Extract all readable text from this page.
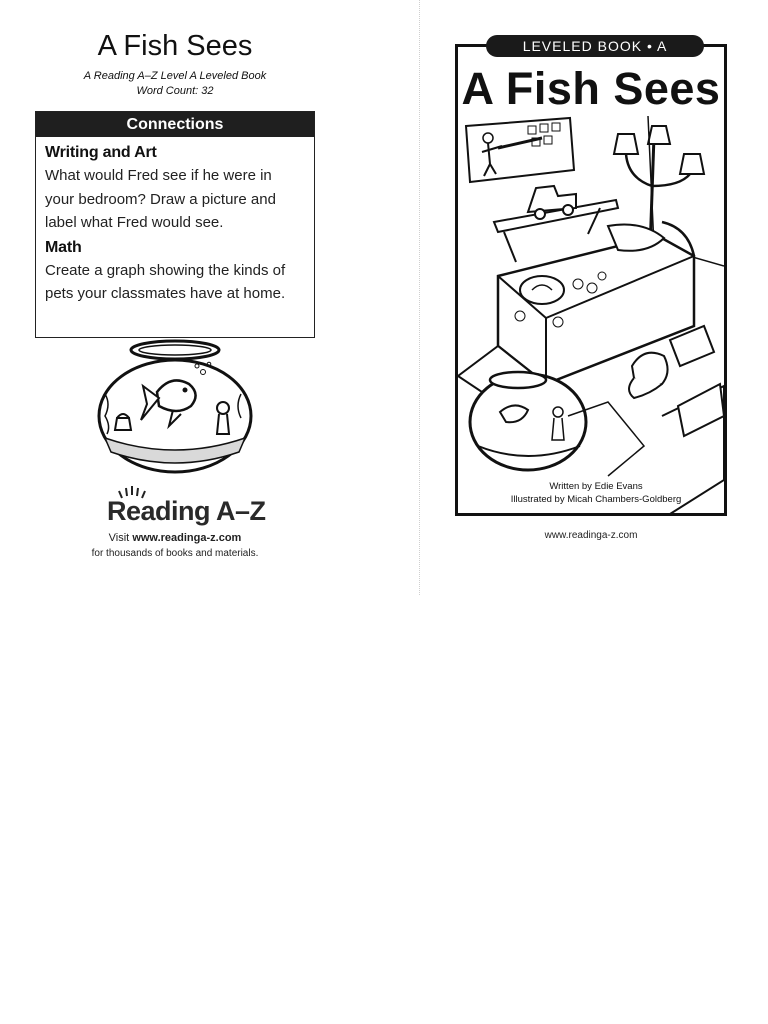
A Fish Sees
A Reading A–Z Level A Leveled Book
Word Count: 32
Connections
Writing and Art
What would Fred see if he were in your bedroom? Draw a picture and label what Fred would see.
Math
Create a graph showing the kinds of pets your classmates have at home.
Reading A–Z
Visit www.readinga-z.com
for thousands of books and materials.
LEVELED BOOK • A
A Fish Sees
Written by Edie Evans
Illustrated by Micah Chambers-Goldberg
www.readinga-z.com
